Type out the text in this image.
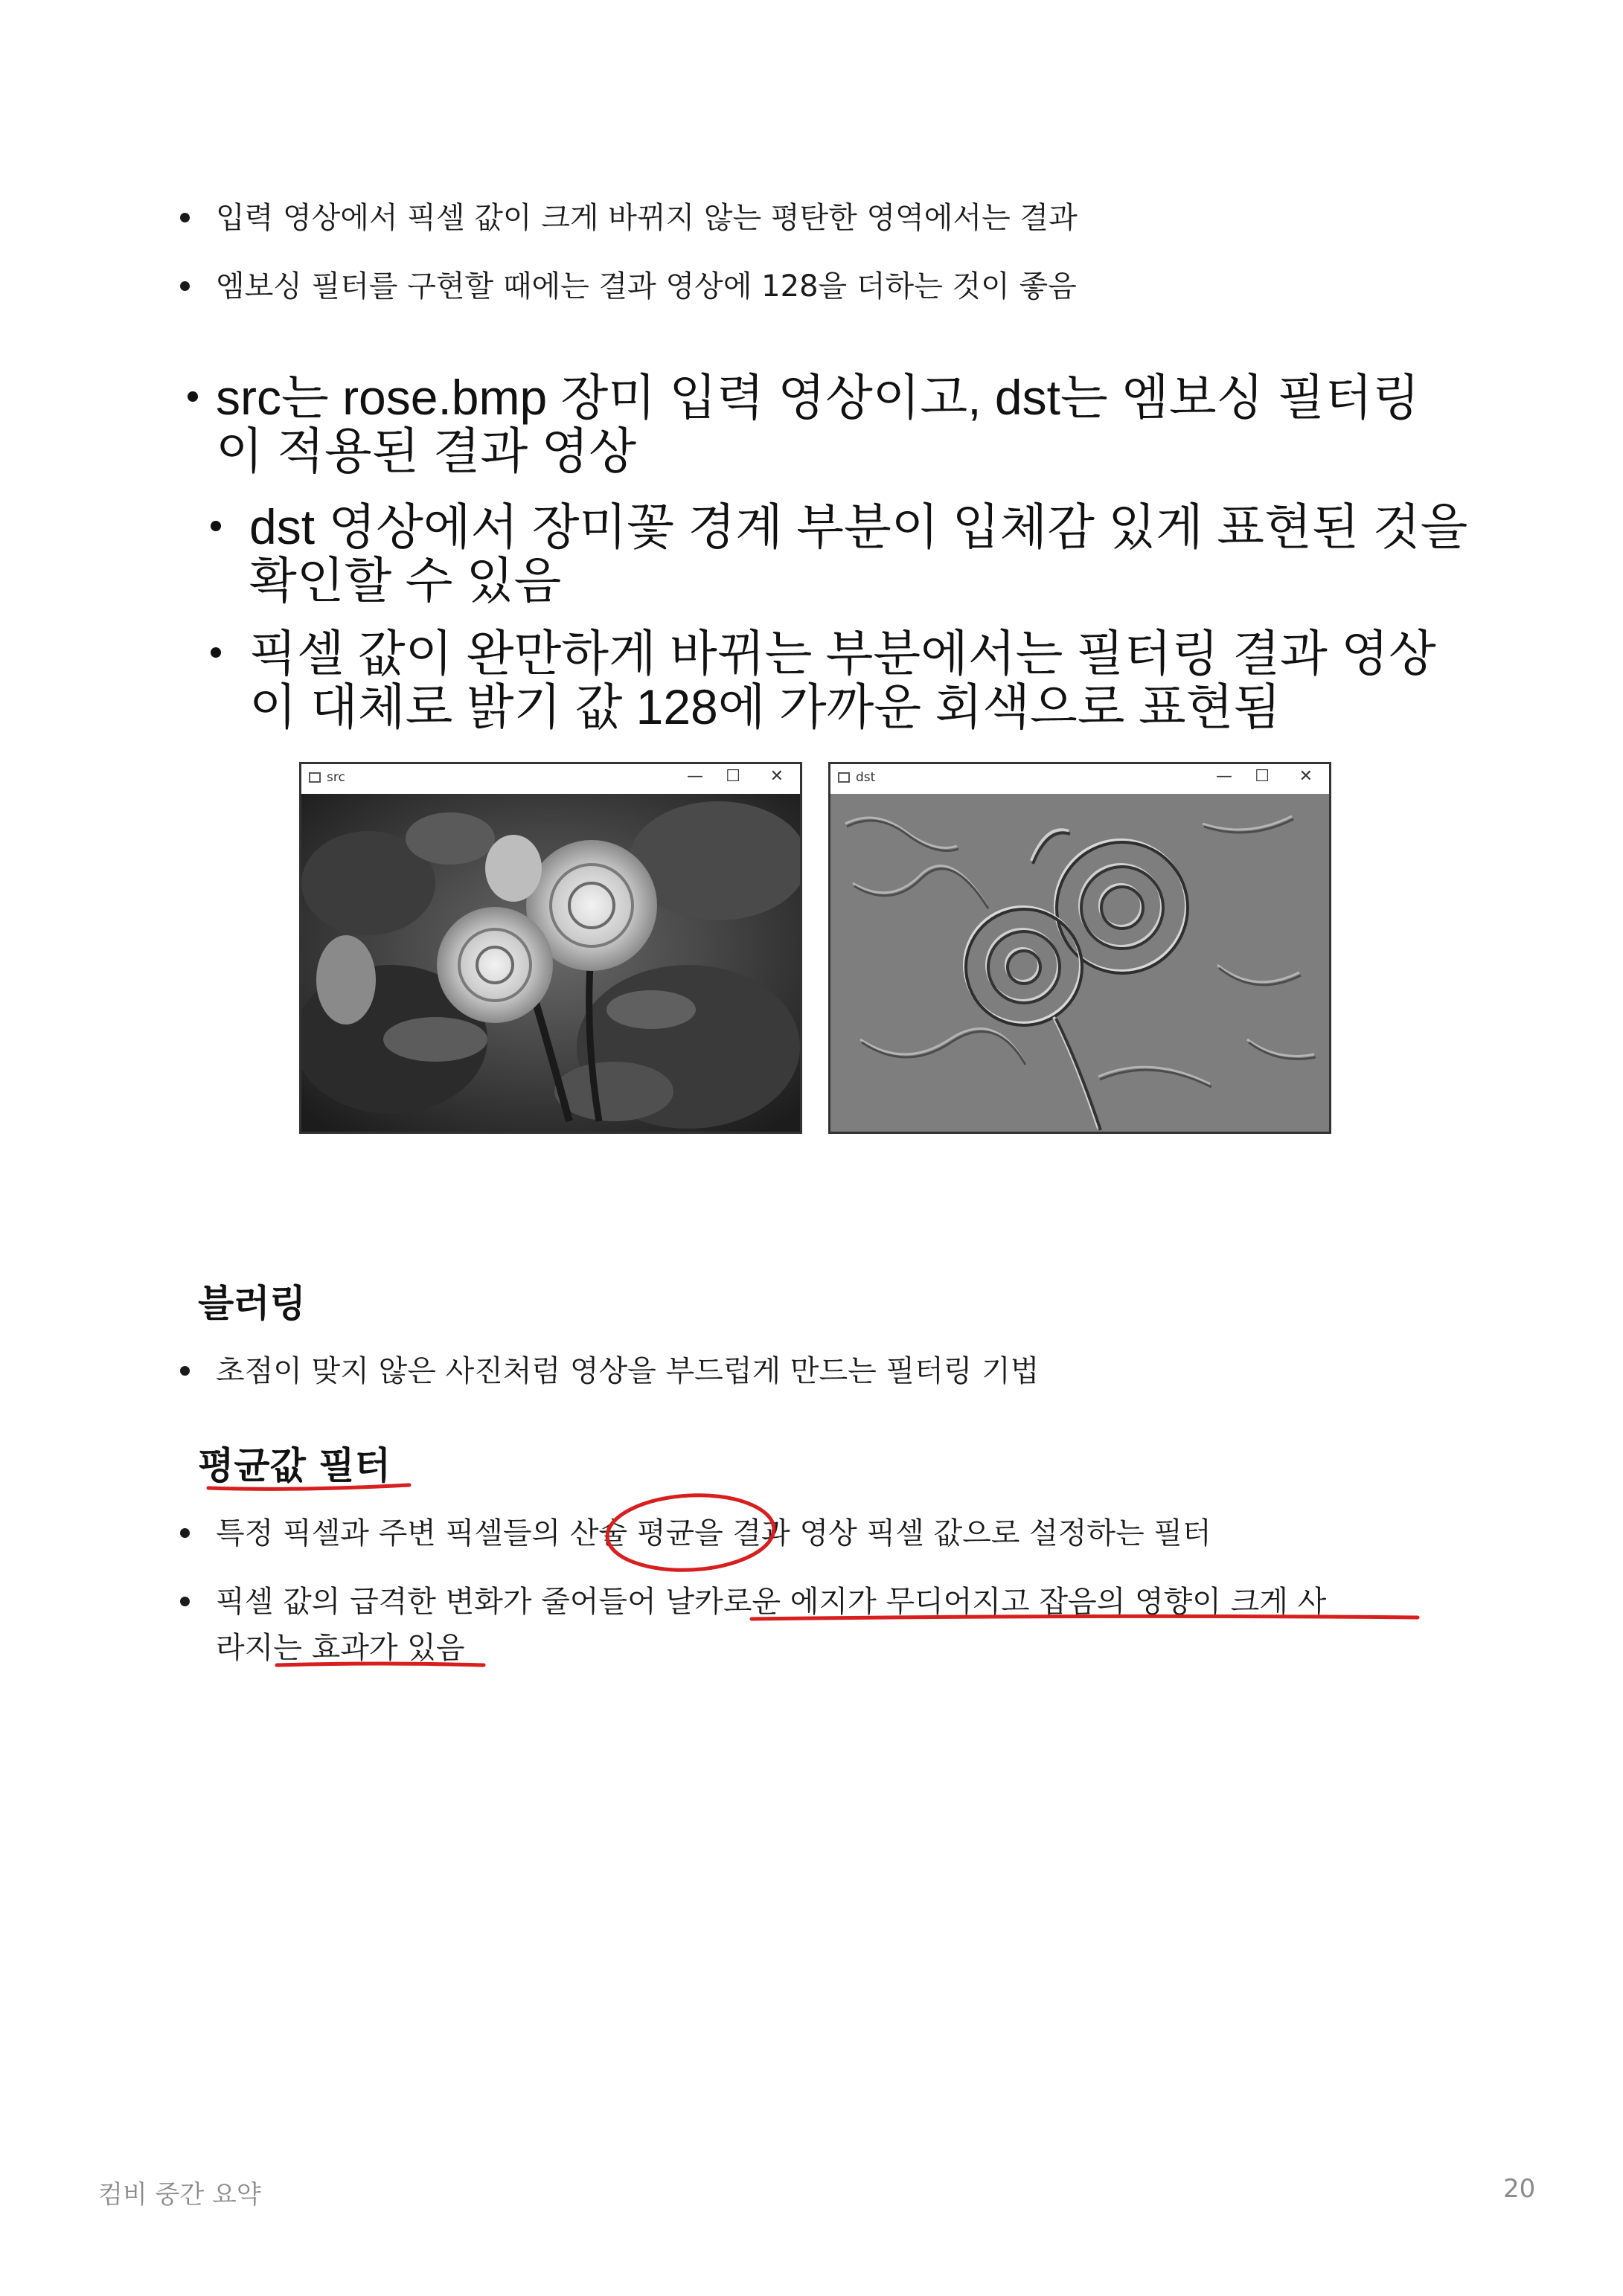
입력 영상에서 픽셀 값이 크게 바뀌지 않는 평탄한 영역에서는 결과
엠보싱 필터를 구현할 때에는 결과 영상에 128을 더하는 것이 좋음
src는 rose.bmp 장미 입력 영상이고, dst는 엠보싱 필터링 이 적용된 결과 영상
dst 영상에서 장미꽃 경계 부분이 입체감 있게 표현된 것을 확인할 수 있음
픽셀 값이 완만하게 바뀌는 부분에서는 필터링 결과 영상이 대체로 밝기 값 128에 가까운 회색으로 표현됨
src	— ☐ ✕	dst	— ☐ ✕
블러링
초점이 맞지 않은 사진처럼 영상을 부드럽게 만드는 필터링 기법
평균값 필터
특정 픽셀과 주변 픽셀들의 산술 평균을 결과 영상 픽셀 값으로 설정하는 필터
픽셀 값의 급격한 변화가 줄어들어 날카로운 에지가 무디어지고 잡음의 영향이 크게 사
라지는 효과가 있음
컴비 중간 요약	20
